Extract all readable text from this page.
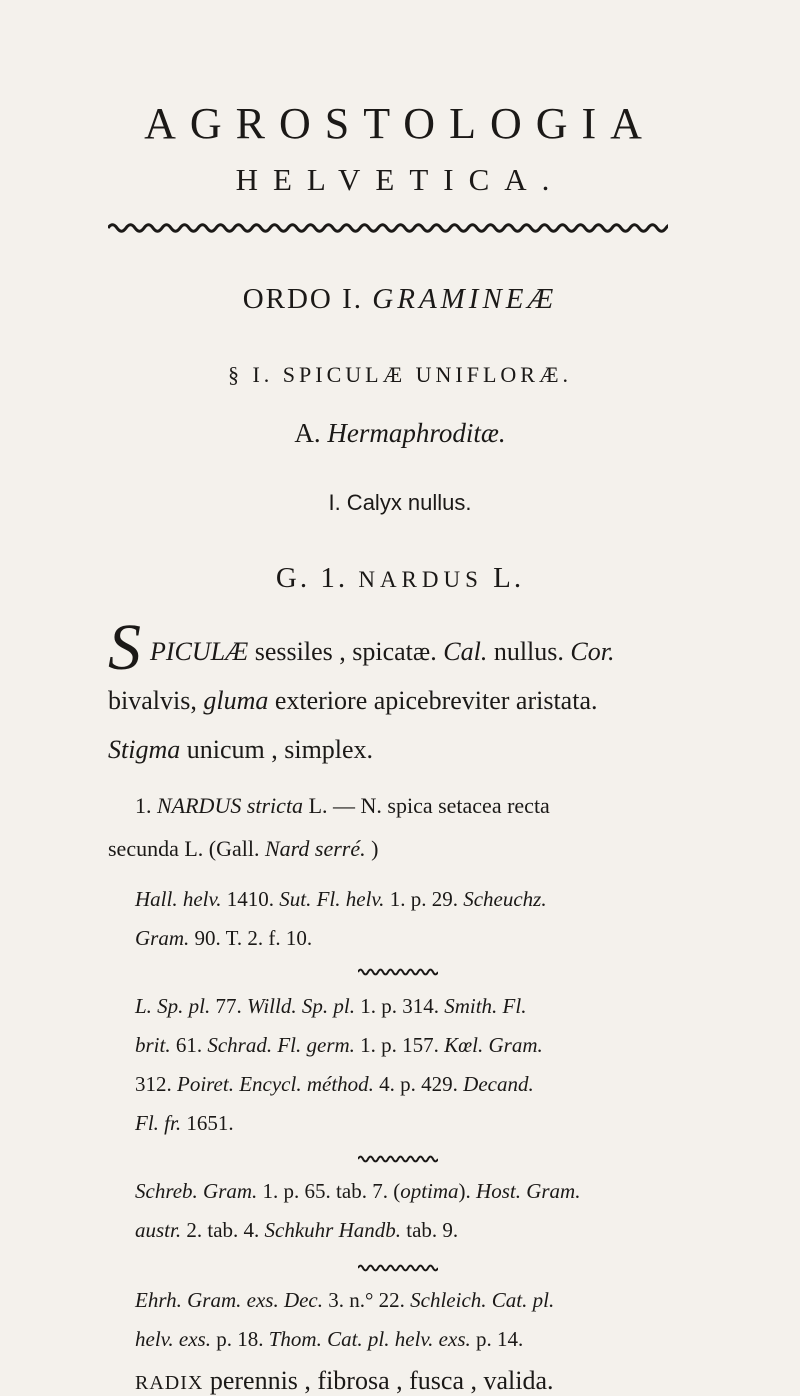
AGROSTOLOGIA
HELVETICA.
ORDO I. GRAMINEÆ
§ I. SPICULÆ UNIFLORÆ.
A. Hermaphroditæ.
I. Calyx nullus.
G. 1. NARDUS L.
S PICULÆ sessiles , spicatæ. Cal. nullus. Cor.
bivalvis, gluma exteriore apicebreviter aristata.
Stigma unicum , simplex.
1. NARDUS stricta L. — N. spica setacea recta
secunda L. (Gall. Nard serré. )
Hall. helv. 1410. Sut. Fl. helv. 1. p. 29. Scheuchz.
Gram. 90. T. 2. f. 10.
L. Sp. pl. 77. Willd. Sp. pl. 1. p. 314. Smith. Fl.
brit. 61. Schrad. Fl. germ. 1. p. 157. Kœl. Gram.
312. Poiret. Encycl. méthod. 4. p. 429. Decand.
Fl. fr. 1651.
Schreb. Gram. 1. p. 65. tab. 7. (optima). Host. Gram.
austr. 2. tab. 4. Schkuhr Handb. tab. 9.
Ehrh. Gram. exs. Dec. 3. n.° 22. Schleich. Cat. pl.
helv. exs. p. 18. Thom. Cat. pl. helv. exs. p. 14.
RADIX perennis , fibrosa , fusca , valida.
